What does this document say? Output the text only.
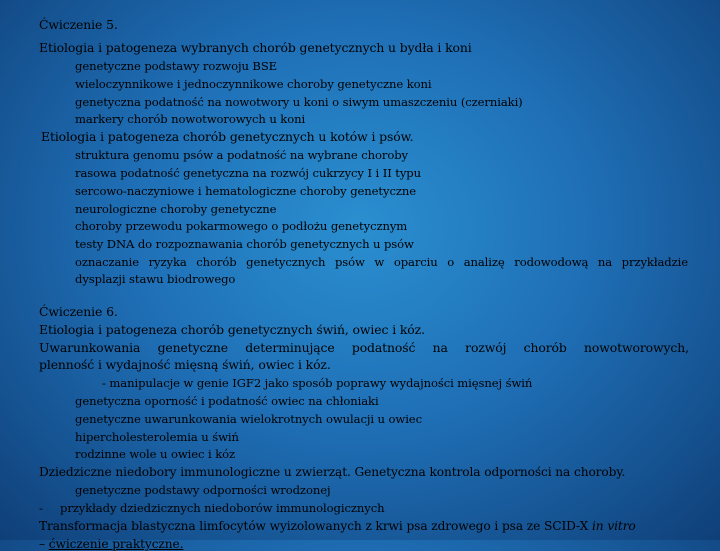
Ćwiczenie 5.
Etiologia i patogeneza wybranych chorób genetycznych u bydła i koni
genetyczne podstawy rozwoju BSE
wieloczynnikowe i jednoczynnikowe choroby genetyczne koni
genetyczna podatność na nowotwory u koni o siwym umaszczeniu (czerniaki)
markery chorób nowotworowych u koni
Etiologia i patogeneza chorób genetycznych u kotów i psów.
struktura genomu psów a podatność na wybrane choroby
rasowa podatność genetyczna na rozwój cukrzycy I i II typu
sercowo-naczyniowe i hematologiczne choroby genetyczne
neurologiczne choroby genetyczne
choroby przewodu pokarmowego o podłożu genetycznym
testy DNA do rozpoznawania chorób genetycznych u psów
oznaczanie ryzyka chorób genetycznych psów w oparciu o analizę rodowodową na przykładzie
dysplazji stawu biodrowego
Ćwiczenie 6.
Etiologia i patogeneza chorób genetycznych świń, owiec i kóz.
Uwarunkowania genetyczne determinujące podatność na rozwój chorób nowotworowych,
plenność i wydajność mięsną świń, owiec i kóz.
- manipulacje w genie IGF2 jako sposób poprawy wydajności mięsnej świń
genetyczna oporność i podatność owiec na chłoniaki
genetyczne uwarunkowania wielokrotnych owulacji u owiec
hipercholesterolemia u świń
rodzinne wole u owiec i kóz
Dziedziczne niedobory immunologiczne u zwierząt. Genetyczna kontrola odporności na choroby.
genetyczne podstawy odporności wrodzonej
- przykłady dziedzicznych niedoborów immunologicznych
Transformacja blastyczna limfocytów wyizolowanych z krwi psa zdrowego i psa ze SCID-X in vitro
– ćwiczenie praktyczne.
